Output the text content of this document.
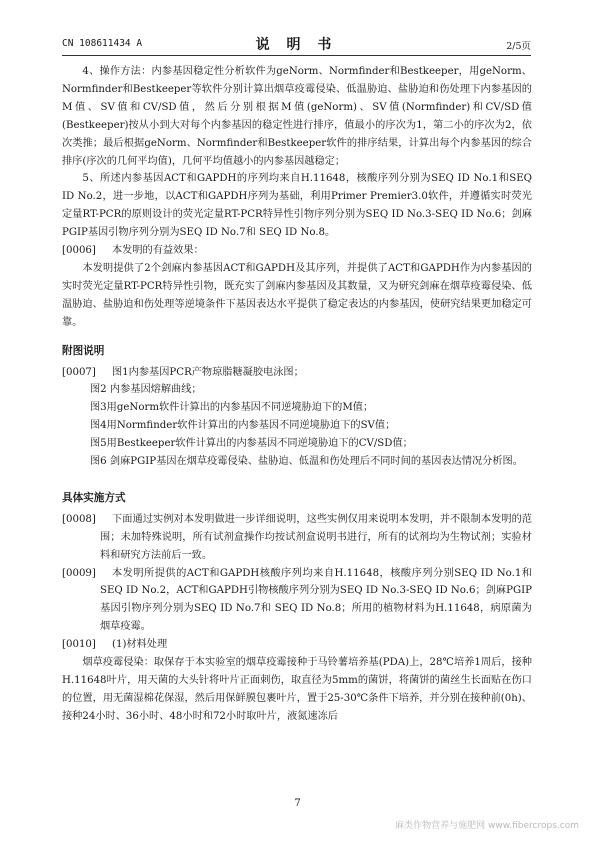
CN 108611434 A	说 明 书	2/5页

4、操作方法：内参基因稳定性分析软件为geNorm、Normfinder和Bestkeeper，用geNorm、Normfinder和Bestkeeper等软件分别计算出烟草疫霉侵染、低温胁迫、盐胁迫和伤处理下内参基因的M值、SV值和CV/SD值，然后分别根据M值(geNorm)、SV值(Normfinder)和CV/SD值(Bestkeeper)按从小到大对每个内参基因的稳定性进行排序，值最小的序次为1，第二小的序次为2，依次类推；最后根据geNorm、Normfinder和Bestkeeper软件的排序结果，计算出每个内参基因的综合排序(序次的几何平均值)，几何平均值越小的内参基因越稳定；

5、所述内参基因ACT和GAPDH的序列均来自H.11648，核酸序列分别为SEQ ID No.1和SEQ ID No.2，进一步地，以ACT和GAPDH序列为基础，利用Primer Premier3.0软件，并遵循实时荧光定量RT-PCR的原则设计的荧光定量RT-PCR特异性引物序列分别为SEQ ID No.3-SEQ ID No.6；剑麻PGIP基因引物序列分别为SEQ ID No.7和 SEQ ID No.8。

[0006] 本发明的有益效果：

本发明提供了2个剑麻内参基因ACT和GAPDH及其序列，并提供了ACT和GAPDH作为内参基因的实时荧光定量RT-PCR特异性引物，既充实了剑麻内参基因及其数量，又为研究剑麻在烟草疫霉侵染、低温胁迫、盐胁迫和伤处理等逆境条件下基因表达水平提供了稳定表达的内参基因，使研究结果更加稳定可靠。

附图说明

[0007] 图1内参基因PCR产物琼脂糖凝胶电泳图；

图2 内参基因熔解曲线；

图3用geNorm软件计算出的内参基因不同逆境胁迫下的M值；

图4用Normfinder软件计算出的内参基因不同逆境胁迫下的SV值；

图5用Bestkeeper软件计算出的内参基因不同逆境胁迫下的CV/SD值；

图6 剑麻PGIP基因在烟草疫霉侵染、盐胁迫、低温和伤处理后不同时间的基因表达情况分析图。

具体实施方式

[0008] 下面通过实例对本发明做进一步详细说明，这些实例仅用来说明本发明，并不限制本发明的范围；未加特殊说明，所有试剂盒操作均按试剂盒说明书进行，所有的试剂均为生物试剂；实验材料和研究方法前后一致。

[0009] 本发明所提供的ACT和GAPDH核酸序列均来自H.11648，核酸序列分别SEQ ID No.1和SEQ ID No.2，ACT和GAPDH引物核酸序列分别为SEQ ID No.3-SEQ ID No.6；剑麻PGIP基因引物序列分别为SEQ ID No.7和 SEQ ID No.8；所用的植物材料为H.11648，病原菌为烟草疫霉。

[0010] (1)材料处理

烟草疫霉侵染：取保存于本实验室的烟草疫霉接种于马铃薯培养基(PDA)上，28℃培养1周后，接种H.11648叶片，用天菌的大头针将叶片正面刺伤，取直径为5mm的菌饼，将菌饼的菌丝生长面贴在伤口的位置，用无菌湿棉花保湿，然后用保鲜膜包裹叶片，置于25-30℃条件下培养，并分别在接种前(0h)、接种24小时、36小时、48小时和72小时取叶片，液氮速冻后

7
麻类作物营养与施肥网 www.fibercrops.com
